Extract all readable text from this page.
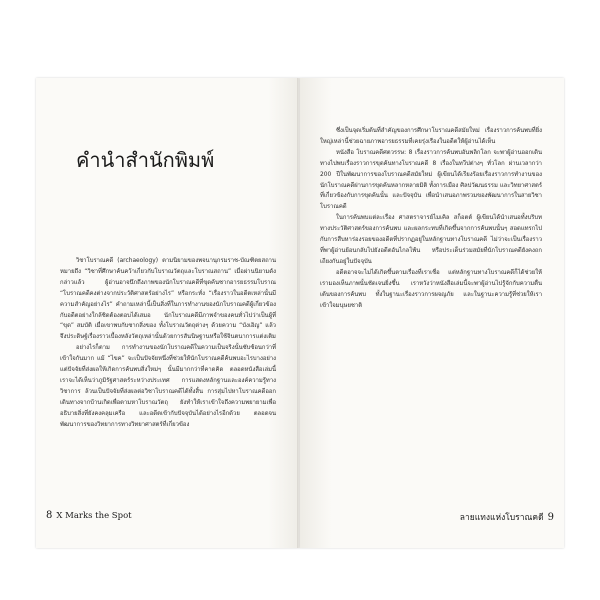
คำนำสำนักพิมพ์

วิชาโบราณคดี (archaeology) ตามนิยามของพจนานุกรมราช-บัณฑิตยสถาน หมายถึง “วิชาที่ศึกษาค้นคว้าเกี่ยวกับโบราณวัตถุและโบราณสถาน” เมื่อผ่านนิยามดังกล่าวแล้ว ผู้อ่านอาจนึกถึงภาพของนักโบราณคดีที่ขุดค้นซากอารยธรรมโบราณ “โบราณคดีคงต่างจากประวัติศาสตร์อย่างไร” หรือกระทั่ง “เรื่องราวในอดีตเหล่านั้นมีความสำคัญอย่างไร” คำถามเหล่านี้เป็นสิ่งที่ในการทำงานของนักโบราณคดีผู้เกี่ยวข้องกับอดีตอย่างใกล้ชิดต้องตอบได้เสมอ นักโบราณคดีมีภาพจำของคนทั่วไปว่าเป็นผู้ที่ “ขุด” สมบัติ เมื่อเขาพบกับซากสิ่งของ ทั้งโบราณวัตถุต่างๆ ด้วยความ “บังเอิญ” แล้วจึงประดิษฐ์เรื่องราวเบื้องหลังวัตถุเหล่านั้นด้วยการสันนิษฐานหรือใช้จินตนาการแต่งเติม

อย่างไรก็ตาม การทำงานของนักโบราณคดีในความเป็นจริงนั้นซับซ้อนกว่าที่เข้าใจกันมาก แม้ “ไขค” จะเป็นปัจจัยหนึ่งที่ช่วยให้นักโบราณคดีค้นพบอะไรบางอย่าง แต่ปัจจัยที่ส่งผลให้เกิดการค้นพบสิ่งใหม่ๆ นั้นมีมากกว่าที่คาดคิด ตลอดหนังสือเล่มนี้ เราจะได้เห็นว่าภูมิรัฐศาสตร์ระหว่างประเทศ การแสดงหลักฐานและองค์ความรู้ทางวิชาการ ล้วนเป็นปัจจัยที่ส่งผลต่อวิชาโบราณคดีได้ทั้งสิ้น การสุ่มไปหาโบราณคดีออกเดินทางจากบ้านเกิดเพื่อตามหาโบราณวัตถุ ยังทำให้เราเข้าใจถึงความพยายามเพื่ออธิบายสิ่งที่ยังคงคลุมเครือ และอดีตเข้ากับปัจจุบันได้อย่างไรอีกด้วย ตลอดจนพัฒนาการของวิทยาการทางวิทยาศาสตร์ที่เกี่ยวข้อง

8 X Marks the Spot

ซึ่งเป็นจุดเริ่มต้นที่สำคัญของการศึกษาโบราณคดีสมัยใหม่ เรื่องราวการค้นพบที่ยิ่งใหญ่เหล่านี้ช่วยฉายภาพอารยธรรมที่เคยรุ่งเรืองในอดีตให้ผู้อ่านได้เห็น

หนังสือ โบราณคดีศตวรรษ: 8 เรื่องราวการค้นพบอันพลิกโลก จะพาผู้อ่านออกเดินทางไปพบเรื่องราวการขุดค้นทางโบราณคดี 8 เรื่องในทวีปต่างๆ ทั่วโลก ผ่านเวลากว่า 200 ปีในพัฒนาการของโบราณคดีสมัยใหม่ ผู้เขียนได้เรียงร้อยเรื่องราวการทำงานของนักโบราณคดีผ่านการขุดค้นหลากหลายมิติ ทั้งการเมือง ศิลปวัฒนธรรม และวิทยาศาสตร์ ที่เกี่ยวข้องกับการขุดค้นนั้น และปัจจุบัน เพื่อนำเสนอภาพรวมของพัฒนาการในสายวิชาโบราณคดี

ในการค้นพบแต่ละเรื่อง ศาสตราจารย์ไมเคิล สก็อตต์ ผู้เขียนได้นำเสนอทั้งบริบททางประวัติศาสตร์ของการค้นพบ และผลกระทบที่เกิดขึ้นจากการค้นพบนั้นๆ สอดแทรกไปกับการสืบหาร่องรอยของอดีตที่ปรากฏอยู่ในหลักฐานทางโบราณคดี ไม่ว่าจะเป็นเรื่องราวที่พาผู้อ่านย้อนกลับไปยังอดีตอันไกลโพ้น หรือประเด็นร่วมสมัยที่นักโบราณคดียังคงถกเถียงกันอยู่ในปัจจุบัน

อดีตอาจจะไม่ได้เกิดขึ้นตามเรื่องที่เราเชื่อ แต่หลักฐานทางโบราณคดีก็ได้ช่วยให้เรามองเห็นภาพนั้นชัดเจนยิ่งขึ้น เราหวังว่าหนังสือเล่มนี้จะพาผู้อ่านไปรู้จักกับความตื่นเต้นของการค้นพบ ทั้งในฐานะเรื่องราวการผจญภัย และในฐานะความรู้ที่ช่วยให้เราเข้าใจมนุษยชาติ

ลายแทงแห่งโบราณคดี 9
